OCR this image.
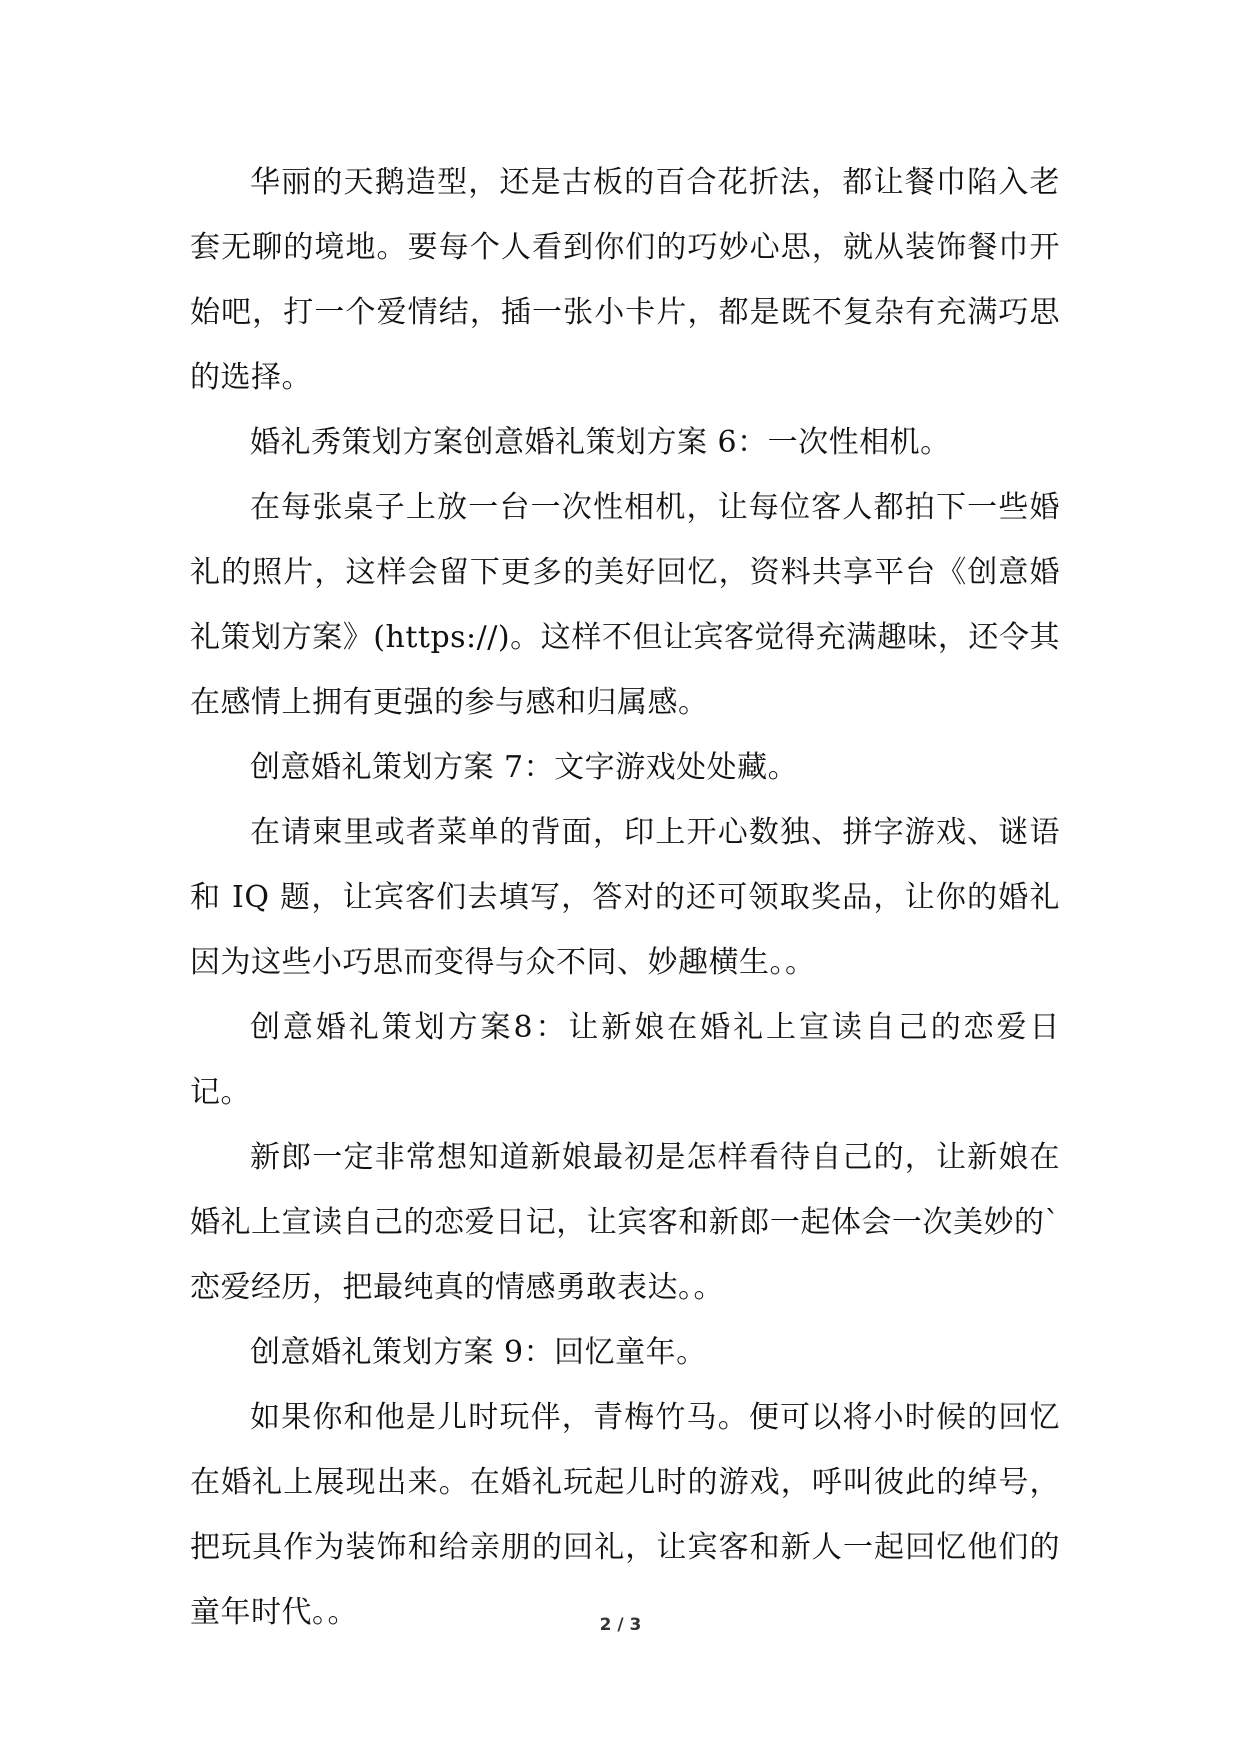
华丽的天鹅造型，还是古板的百合花折法，都让餐巾陷入老套无聊的境地。要每个人看到你们的巧妙心思，就从装饰餐巾开始吧，打一个爱情结，插一张小卡片，都是既不复杂有充满巧思的选择。

婚礼秀策划方案创意婚礼策划方案 6：一次性相机。

在每张桌子上放一台一次性相机，让每位客人都拍下一些婚礼的照片，这样会留下更多的美好回忆，资料共享平台《创意婚礼策划方案》(https://)。这样不但让宾客觉得充满趣味，还令其在感情上拥有更强的参与感和归属感。

创意婚礼策划方案 7：文字游戏处处藏。

在请柬里或者菜单的背面，印上开心数独、拼字游戏、谜语和 IQ 题，让宾客们去填写，答对的还可领取奖品，让你的婚礼因为这些小巧思而变得与众不同、妙趣横生。。

创意婚礼策划方案8：让新娘在婚礼上宣读自己的恋爱日记。

新郎一定非常想知道新娘最初是怎样看待自己的，让新娘在婚礼上宣读自己的恋爱日记，让宾客和新郎一起体会一次美妙的`恋爱经历，把最纯真的情感勇敢表达。。

创意婚礼策划方案 9：回忆童年。

如果你和他是儿时玩伴，青梅竹马。便可以将小时候的回忆在婚礼上展现出来。在婚礼玩起儿时的游戏，呼叫彼此的绰号，把玩具作为装饰和给亲朋的回礼，让宾客和新人一起回忆他们的童年时代。。	2 / 3
